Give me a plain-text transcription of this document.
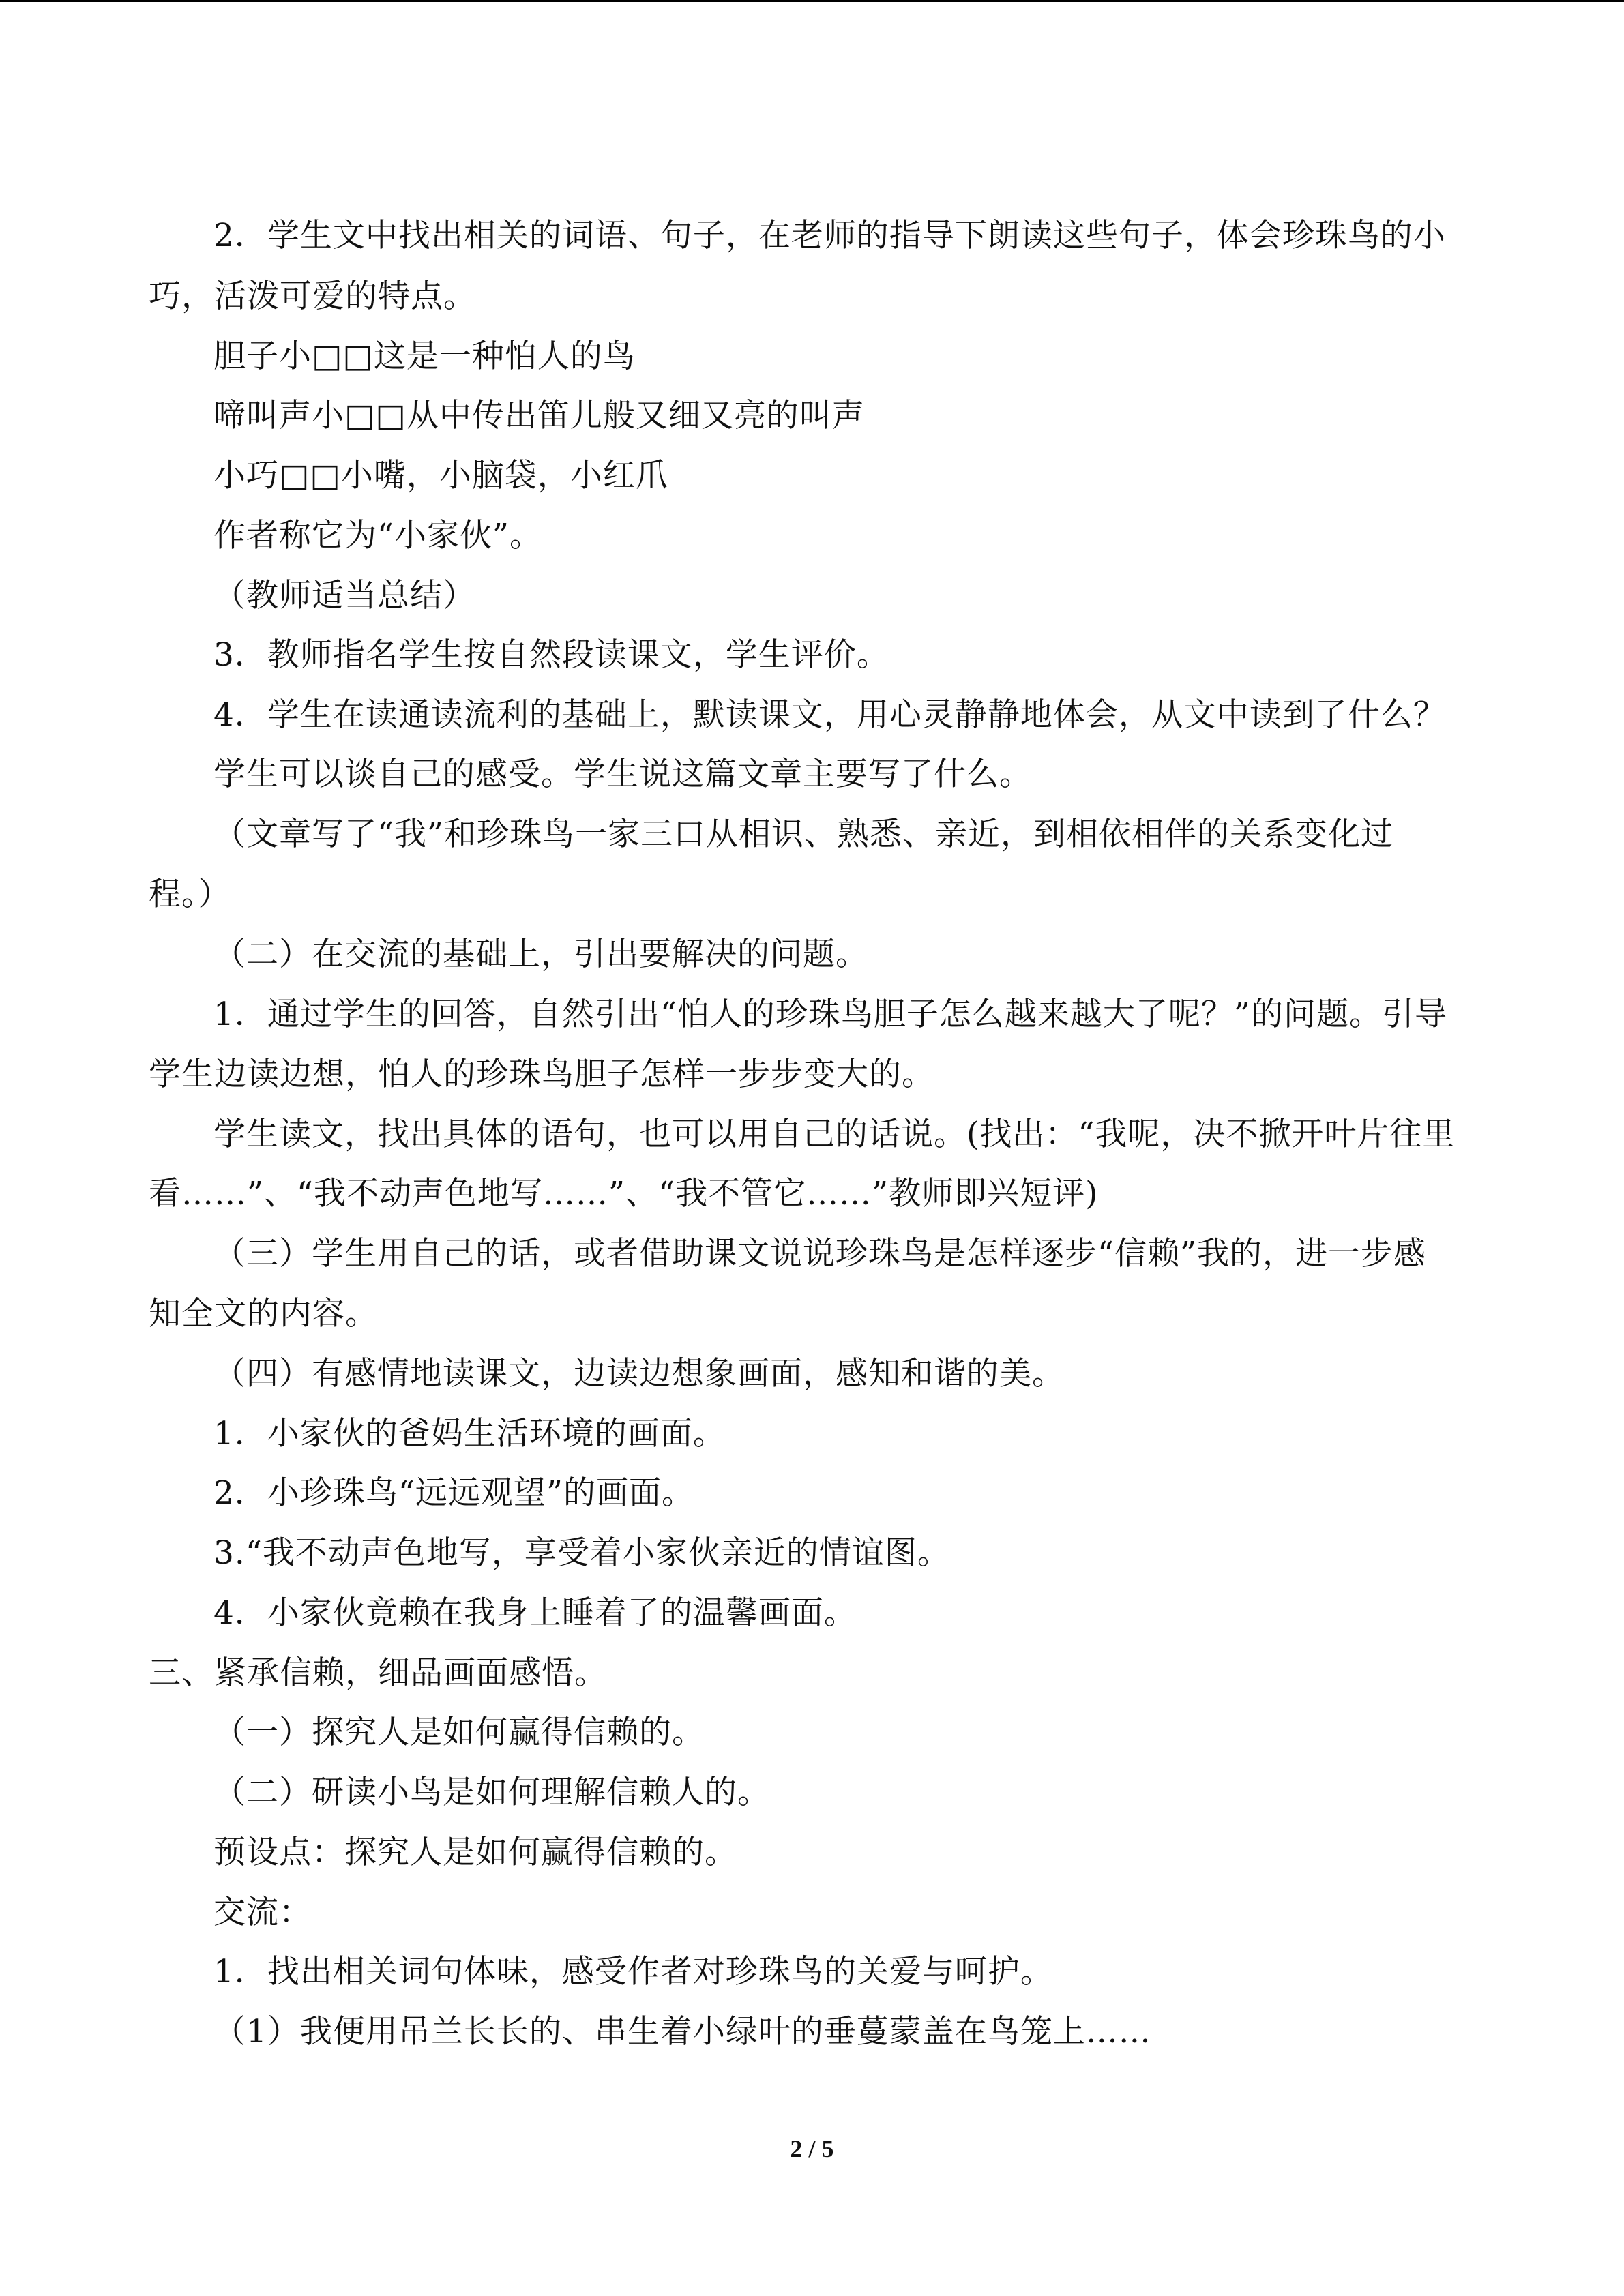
2．学生文中找出相关的词语、句子，在老师的指导下朗读这些句子，体会珍珠鸟的小
巧，活泼可爱的特点。
胆子小□□这是一种怕人的鸟
啼叫声小□□从中传出笛儿般又细又亮的叫声
小巧□□小嘴，小脑袋，小红爪
作者称它为“小家伙”。
（教师适当总结）
3．教师指名学生按自然段读课文，学生评价。
4．学生在读通读流利的基础上，默读课文，用心灵静静地体会，从文中读到了什么？
学生可以谈自己的感受。学生说这篇文章主要写了什么。
（文章写了“我”和珍珠鸟一家三口从相识、熟悉、亲近，到相依相伴的关系变化过
程。）
（二）在交流的基础上，引出要解决的问题。
1．通过学生的回答，自然引出“怕人的珍珠鸟胆子怎么越来越大了呢？”的问题。引导
学生边读边想，怕人的珍珠鸟胆子怎样一步步变大的。
学生读文，找出具体的语句，也可以用自己的话说。(找出：“我呢，决不掀开叶片往里
看……”、“我不动声色地写……”、“我不管它……”教师即兴短评)
（三）学生用自己的话，或者借助课文说说珍珠鸟是怎样逐步“信赖”我的，进一步感
知全文的内容。
（四）有感情地读课文，边读边想象画面，感知和谐的美。
1．小家伙的爸妈生活环境的画面。
2．小珍珠鸟“远远观望”的画面。
3.“我不动声色地写，享受着小家伙亲近的情谊图。
4．小家伙竟赖在我身上睡着了的温馨画面。
三、紧承信赖，细品画面感悟。
（一）探究人是如何赢得信赖的。
（二）研读小鸟是如何理解信赖人的。
预设点：探究人是如何赢得信赖的。
交流：
1．找出相关词句体味，感受作者对珍珠鸟的关爱与呵护。
（1）我便用吊兰长长的、串生着小绿叶的垂蔓蒙盖在鸟笼上……
2 / 5
